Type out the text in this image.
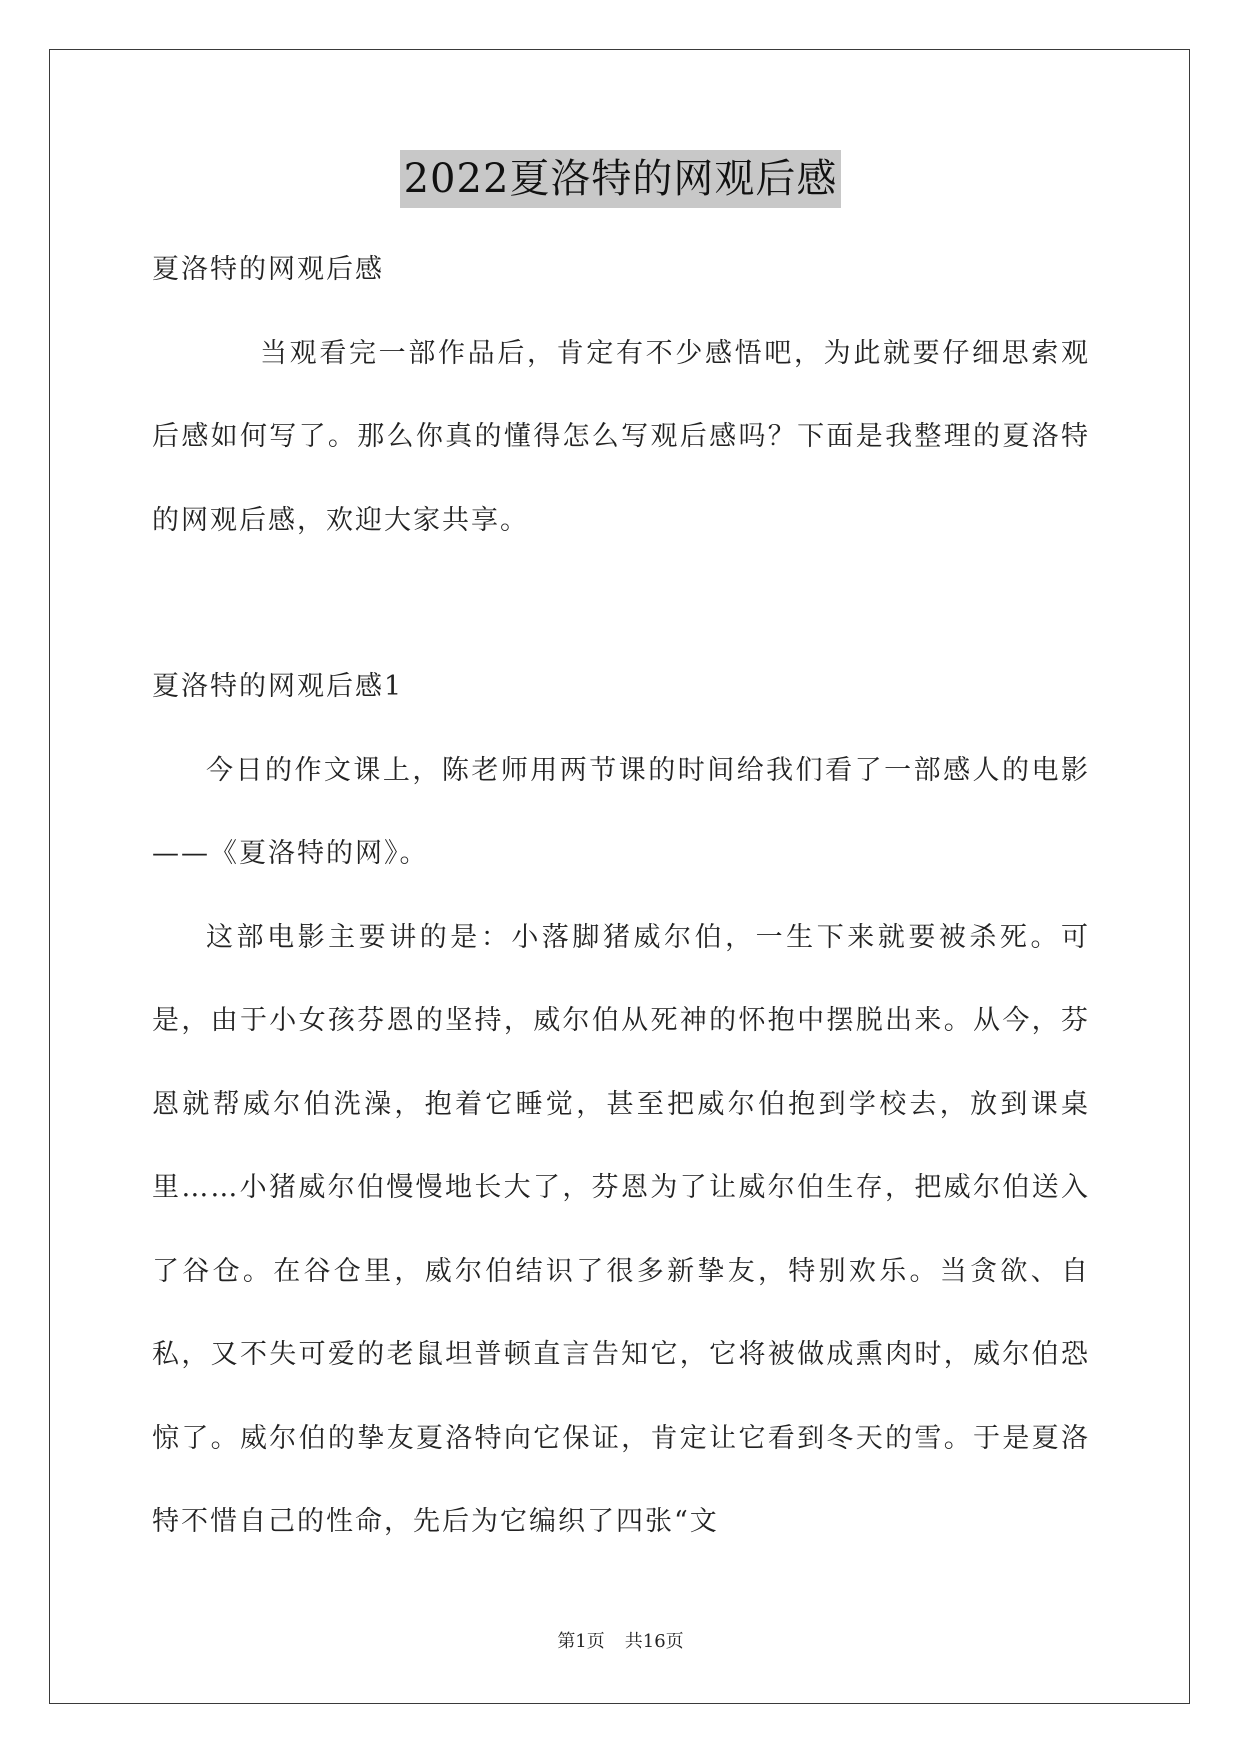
2022夏洛特的网观后感

夏洛特的网观后感

当观看完一部作品后，肯定有不少感悟吧，为此就要仔细思索观后感如何写了。那么你真的懂得怎么写观后感吗？下面是我整理的夏洛特的网观后感，欢迎大家共享。

夏洛特的网观后感1

今日的作文课上，陈老师用两节课的时间给我们看了一部感人的电影——《夏洛特的网》。

这部电影主要讲的是：小落脚猪威尔伯，一生下来就要被杀死。可是，由于小女孩芬恩的坚持，威尔伯从死神的怀抱中摆脱出来。从今，芬恩就帮威尔伯洗澡，抱着它睡觉，甚至把威尔伯抱到学校去，放到课桌里……小猪威尔伯慢慢地长大了，芬恩为了让威尔伯生存，把威尔伯送入了谷仓。在谷仓里，威尔伯结识了很多新挚友，特别欢乐。当贪欲、自私，又不失可爱的老鼠坦普顿直言告知它，它将被做成熏肉时，威尔伯恐惊了。威尔伯的挚友夏洛特向它保证，肯定让它看到冬天的雪。于是夏洛特不惜自己的性命，先后为它编织了四张“文

第1页 共16页
